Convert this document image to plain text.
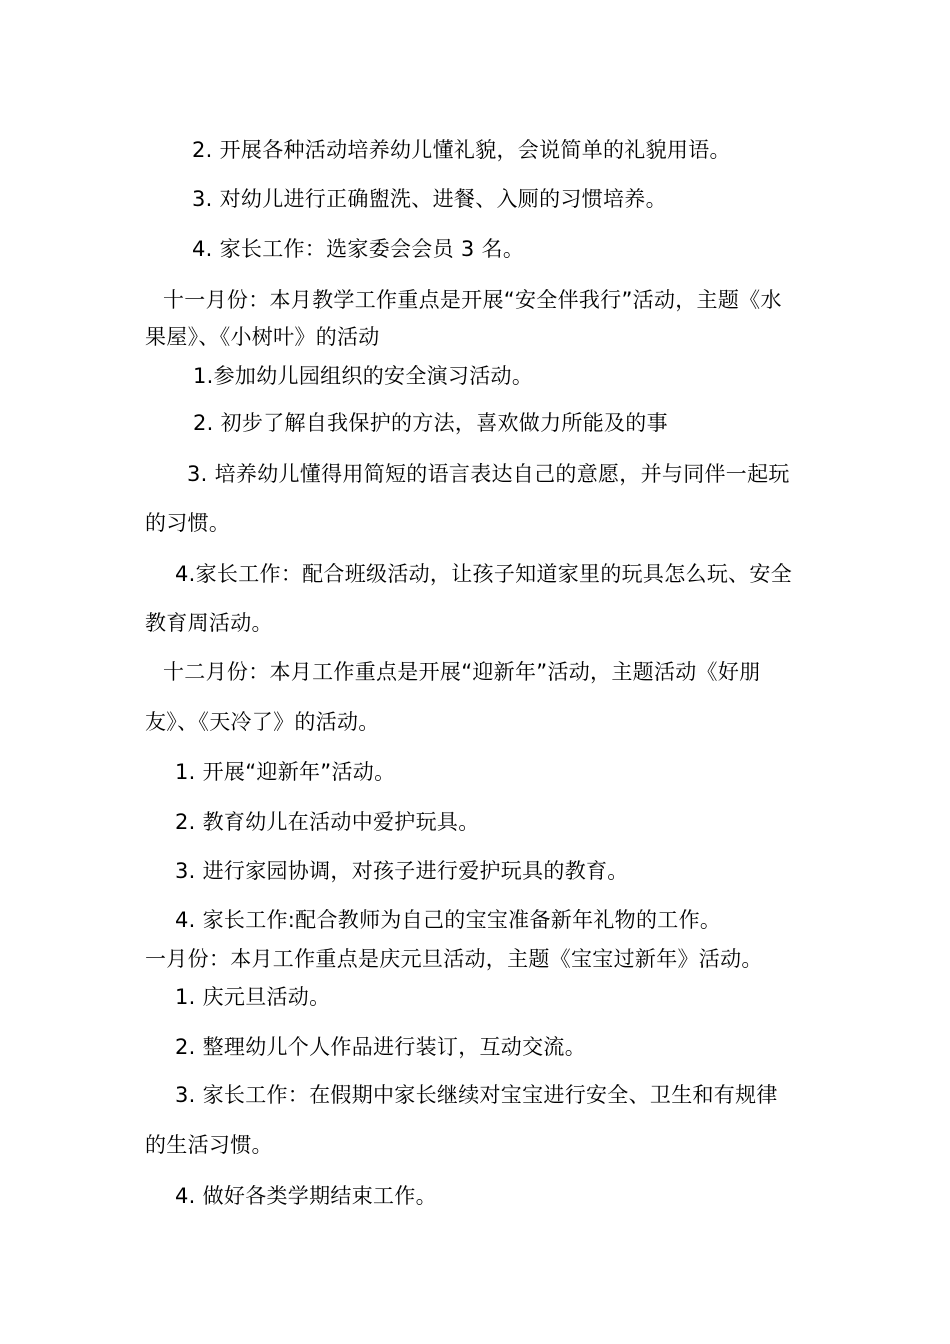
2. 开展各种活动培养幼儿懂礼貌，会说简单的礼貌用语。
3. 对幼儿进行正确盥洗、进餐、入厕的习惯培养。
4. 家长工作：选家委会会员 3 名。
十一月份：本月教学工作重点是开展“安全伴我行”活动，主题《水
果屋》、《小树叶》的活动
1.参加幼儿园组织的安全演习活动。
2. 初步了解自我保护的方法，喜欢做力所能及的事
3. 培养幼儿懂得用简短的语言表达自己的意愿，并与同伴一起玩
的习惯。
4.家长工作：配合班级活动，让孩子知道家里的玩具怎么玩、安全
教育周活动。
十二月份：本月工作重点是开展“迎新年”活动，主题活动《好朋
友》、《天冷了》的活动。
1. 开展“迎新年”活动。
2. 教育幼儿在活动中爱护玩具。
3. 进行家园协调，对孩子进行爱护玩具的教育。
4. 家长工作:配合教师为自己的宝宝准备新年礼物的工作。
一月份：本月工作重点是庆元旦活动，主题《宝宝过新年》活动。
1. 庆元旦活动。
2. 整理幼儿个人作品进行装订，互动交流。
3. 家长工作：在假期中家长继续对宝宝进行安全、卫生和有规律
的生活习惯。
4. 做好各类学期结束工作。
